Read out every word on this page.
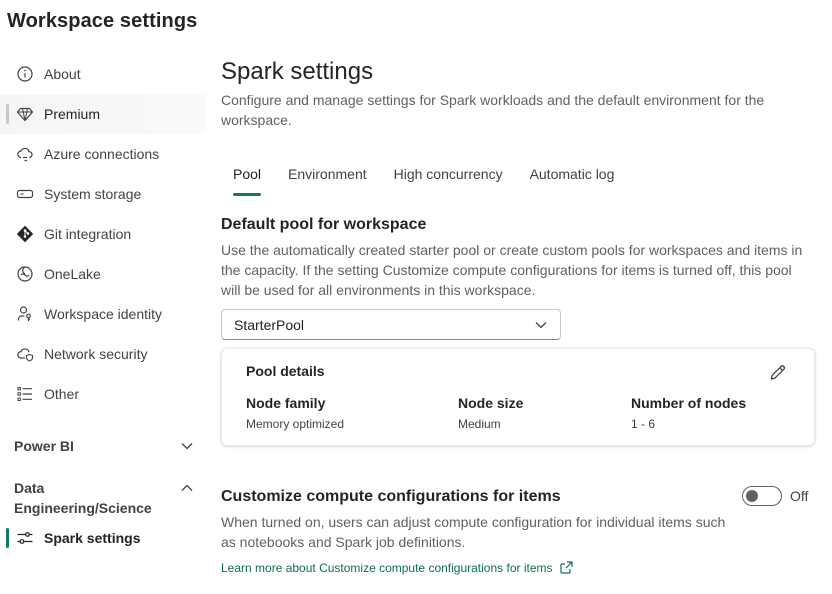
Workspace settings
About
Premium
Azure connections
System storage
Git integration
OneLake
Workspace identity
Network security
Other
Power BI
Data
Engineering/Science
Spark settings
Spark settings
Configure and manage settings for Spark workloads and the default environment for the workspace.
Pool Environment High concurrency Automatic log
Default pool for workspace
Use the automatically created starter pool or create custom pools for workspaces and items in the capacity. If the setting Customize compute configurations for items is turned off, this pool will be used for all environments in this workspace.
StarterPool
Pool details
Node family
Memory optimized
Node size
Medium
Number of nodes
1 - 6
Customize compute configurations for items	Off
When turned on, users can adjust compute configuration for individual items such as notebooks and Spark job definitions.
Learn more about Customize compute configurations for items
